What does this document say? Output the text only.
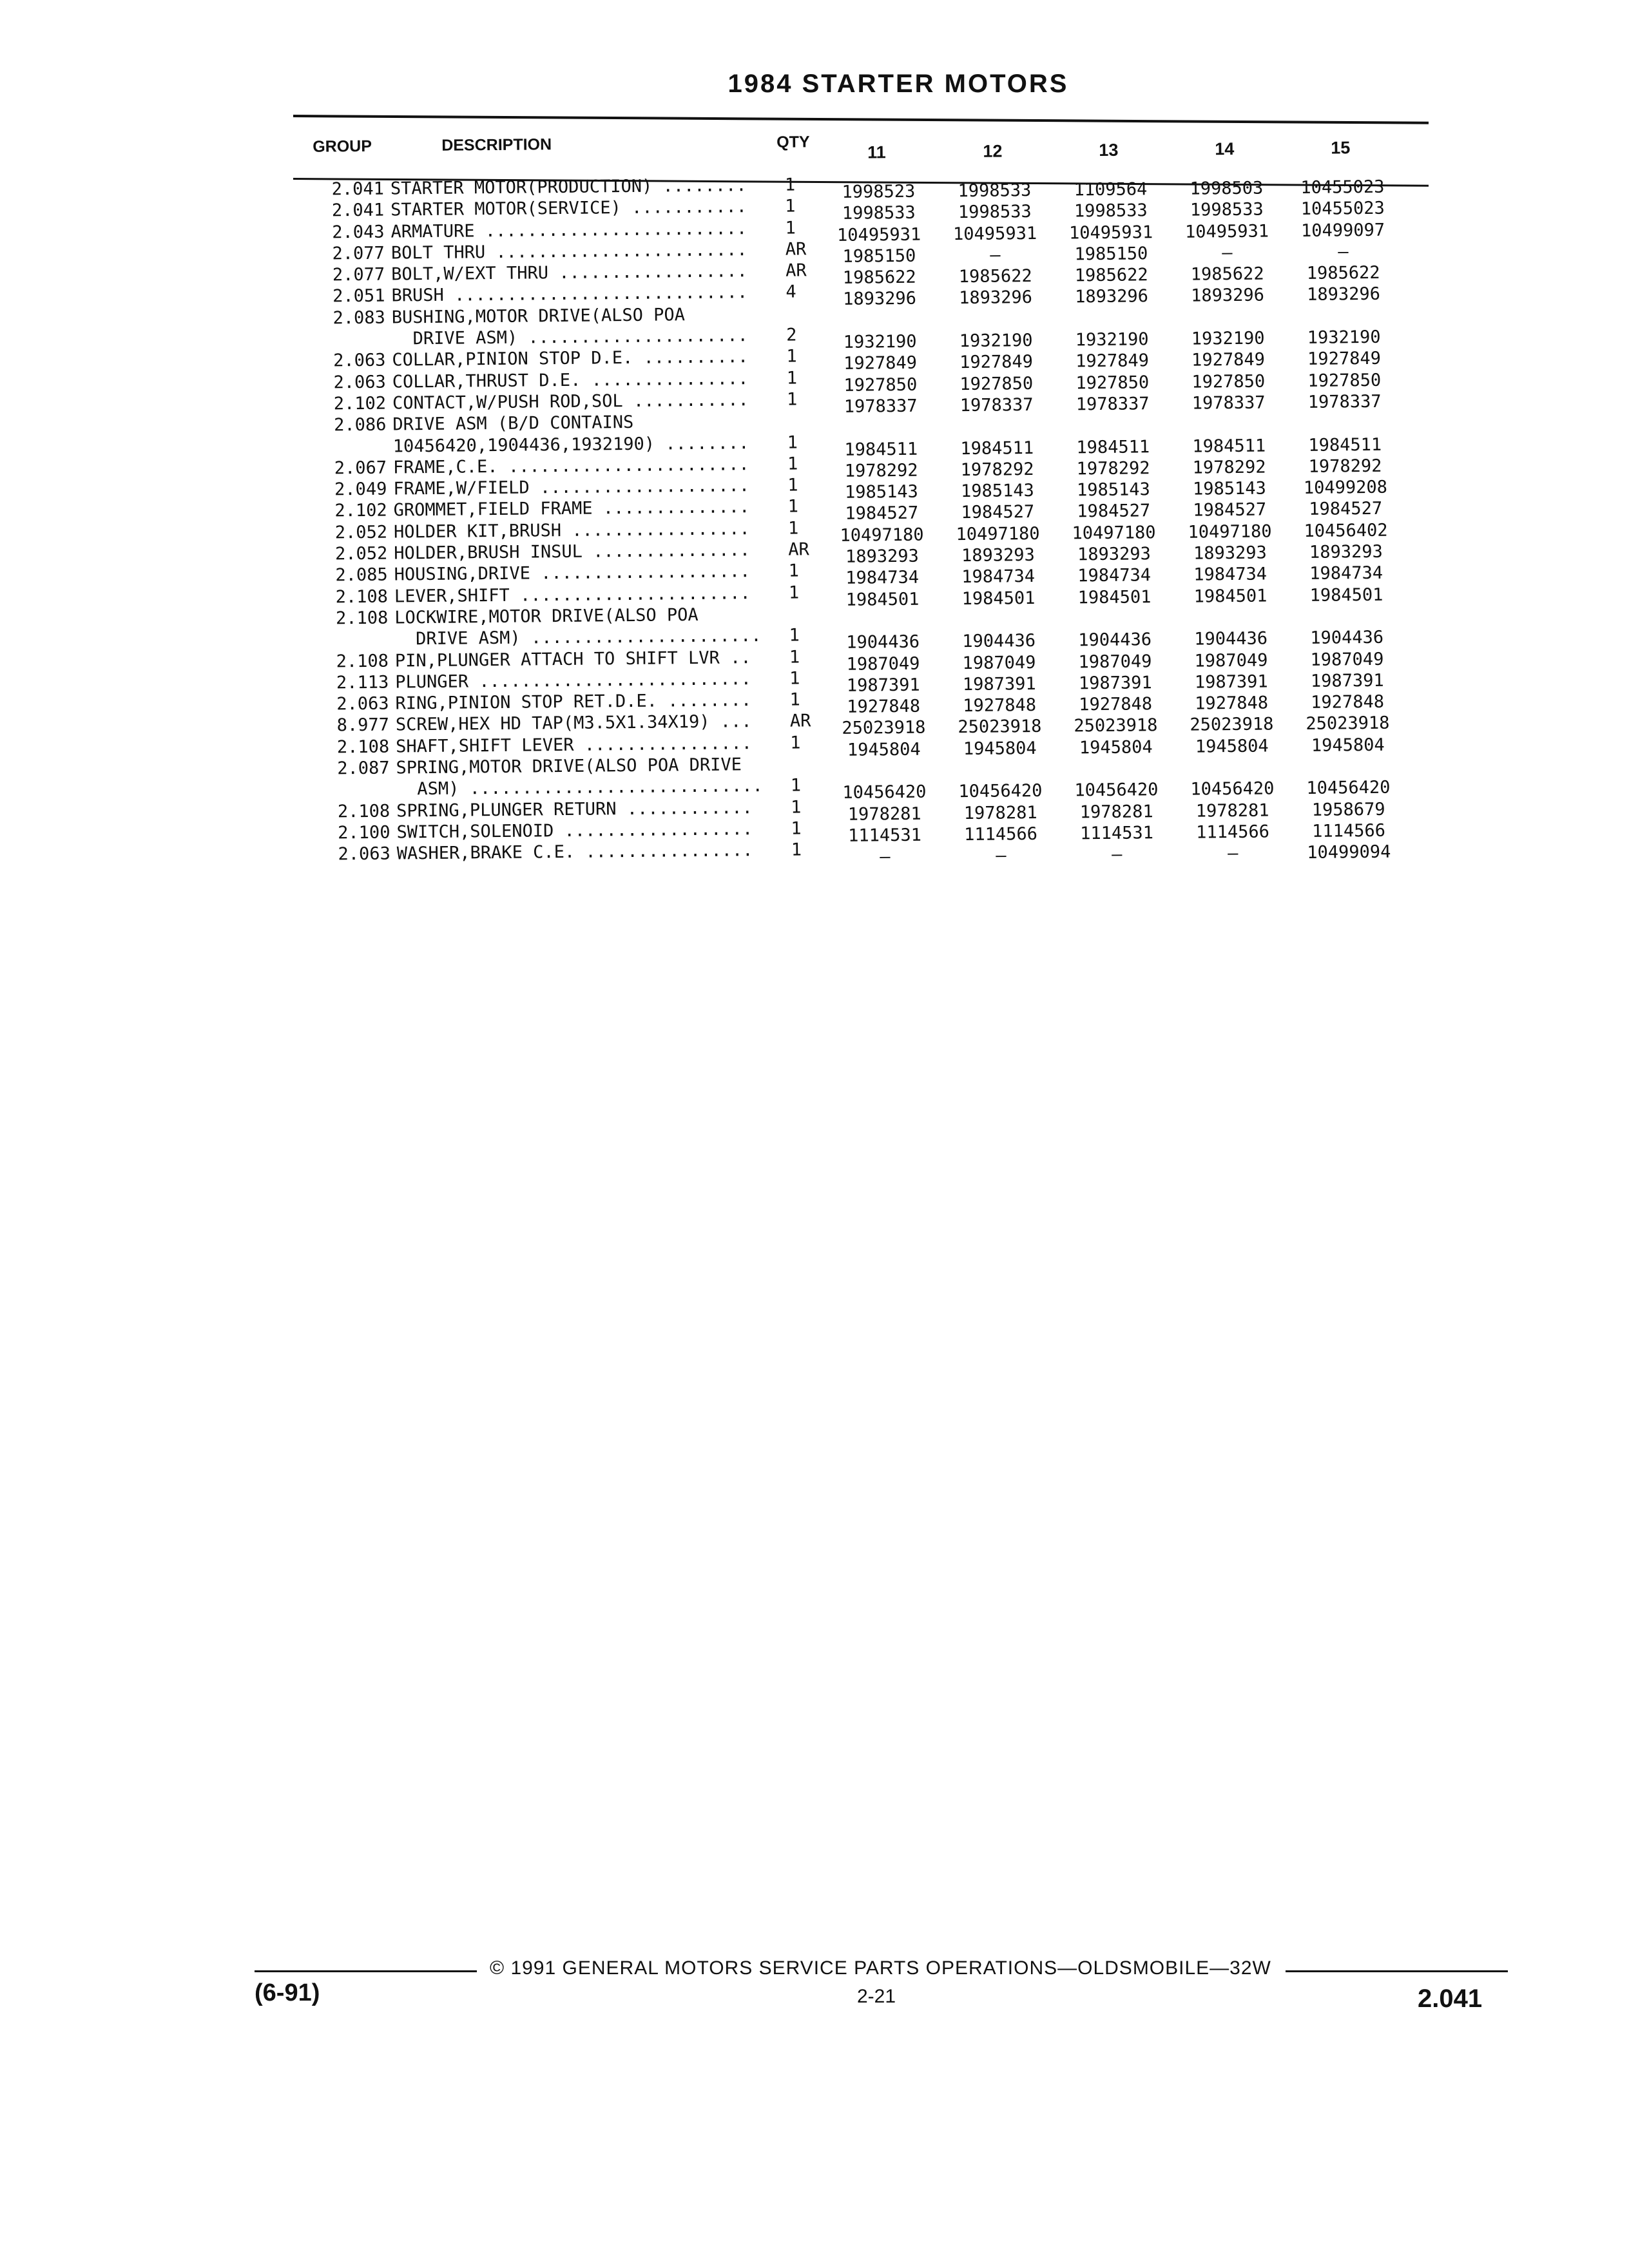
1984 STARTER MOTORS
GROUP	DESCRIPTION	QTY
11	12	13	14	15
2.041 STARTER MOTOR(PRODUCTION) ........ 1	1998523	1998533	1109564	1998503	10455023
2.041 STARTER MOTOR(SERVICE) ........... 1	1998533	1998533	1998533	1998533	10455023
2.043 ARMATURE ......................... 1	10495931	10495931	10495931	10495931	10499097
2.077 BOLT THRU ........................ AR	1985150	—	1985150	—	—
2.077 BOLT,W/EXT THRU .................. AR	1985622	1985622	1985622	1985622	1985622
2.051 BRUSH ............................ 4	1893296	1893296	1893296	1893296	1893296
2.083 BUSHING,MOTOR DRIVE(ALSO POA
DRIVE ASM) ..................... 2	1932190	1932190	1932190	1932190	1932190
2.063 COLLAR,PINION STOP D.E. .......... 1	1927849	1927849	1927849	1927849	1927849
2.063 COLLAR,THRUST D.E. ............... 1	1927850	1927850	1927850	1927850	1927850
2.102 CONTACT,W/PUSH ROD,SOL ........... 1	1978337	1978337	1978337	1978337	1978337
2.086 DRIVE ASM (B/D CONTAINS
10456420,1904436,1932190) ........ 1	1984511	1984511	1984511	1984511	1984511
2.067 FRAME,C.E. ....................... 1	1978292	1978292	1978292	1978292	1978292
2.049 FRAME,W/FIELD .................... 1	1985143	1985143	1985143	1985143	10499208
2.102 GROMMET,FIELD FRAME .............. 1	1984527	1984527	1984527	1984527	1984527
2.052 HOLDER KIT,BRUSH ................. 1	10497180	10497180	10497180	10497180	10456402
2.052 HOLDER,BRUSH INSUL ............... AR	1893293	1893293	1893293	1893293	1893293
2.085 HOUSING,DRIVE .................... 1	1984734	1984734	1984734	1984734	1984734
2.108 LEVER,SHIFT ...................... 1	1984501	1984501	1984501	1984501	1984501
2.108 LOCKWIRE,MOTOR DRIVE(ALSO POA
DRIVE ASM) ...................... 1	1904436	1904436	1904436	1904436	1904436
2.108 PIN,PLUNGER ATTACH TO SHIFT LVR .. 1	1987049	1987049	1987049	1987049	1987049
2.113 PLUNGER .......................... 1	1987391	1987391	1987391	1987391	1987391
2.063 RING,PINION STOP RET.D.E. ........ 1	1927848	1927848	1927848	1927848	1927848
8.977 SCREW,HEX HD TAP(M3.5X1.34X19) ... AR	25023918	25023918	25023918	25023918	25023918
2.108 SHAFT,SHIFT LEVER ................ 1	1945804	1945804	1945804	1945804	1945804
2.087 SPRING,MOTOR DRIVE(ALSO POA DRIVE
ASM) ............................ 1	10456420	10456420	10456420	10456420	10456420
2.108 SPRING,PLUNGER RETURN ............ 1	1978281	1978281	1978281	1978281	1958679
2.100 SWITCH,SOLENOID .................. 1	1114531	1114566	1114531	1114566	1114566
2.063 WASHER,BRAKE C.E. ................ 1	—	—	—	—	10499094
© 1991 GENERAL MOTORS SERVICE PARTS OPERATIONS—OLDSMOBILE—32W
2-21
(6-91)	2.041
